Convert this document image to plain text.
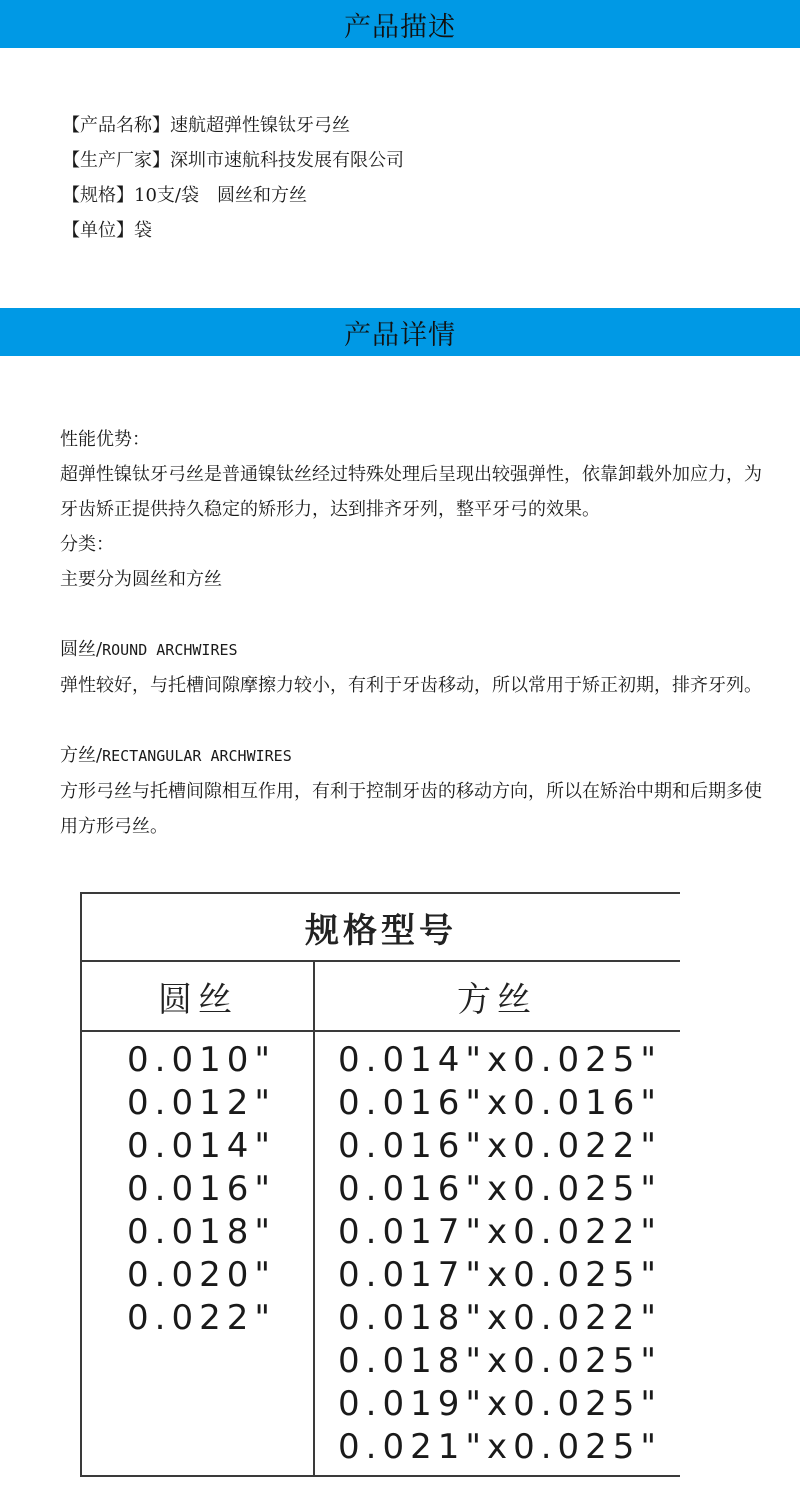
产品描述
【产品名称】速航超弹性镍钛牙弓丝
【生产厂家】深圳市速航科技发展有限公司
【规格】10支/袋　圆丝和方丝
【单位】袋
产品详情

性能优势：

超弹性镍钛牙弓丝是普通镍钛丝经过特殊处理后呈现出较强弹性，依靠卸载外加应力，为牙齿矫正提供持久稳定的矫形力，达到排齐牙列，整平牙弓的效果。

分类：

主要分为圆丝和方丝

圆丝/ROUND ARCHWIRES

弹性较好，与托槽间隙摩擦力较小，有利于牙齿移动，所以常用于矫正初期，排齐牙列。

方丝/RECTANGULAR ARCHWIRES

方形弓丝与托槽间隙相互作用，有利于控制牙齿的移动方向，所以在矫治中期和后期多使用方形弓丝。

规格型号
圆丝	方丝
0.010"
0.012"
0.014"
0.016"
0.018"
0.020"
0.022"
0.014"x0.025"
0.016"x0.016"
0.016"x0.022"
0.016"x0.025"
0.017"x0.022"
0.017"x0.025"
0.018"x0.022"
0.018"x0.025"
0.019"x0.025"
0.021"x0.025"
